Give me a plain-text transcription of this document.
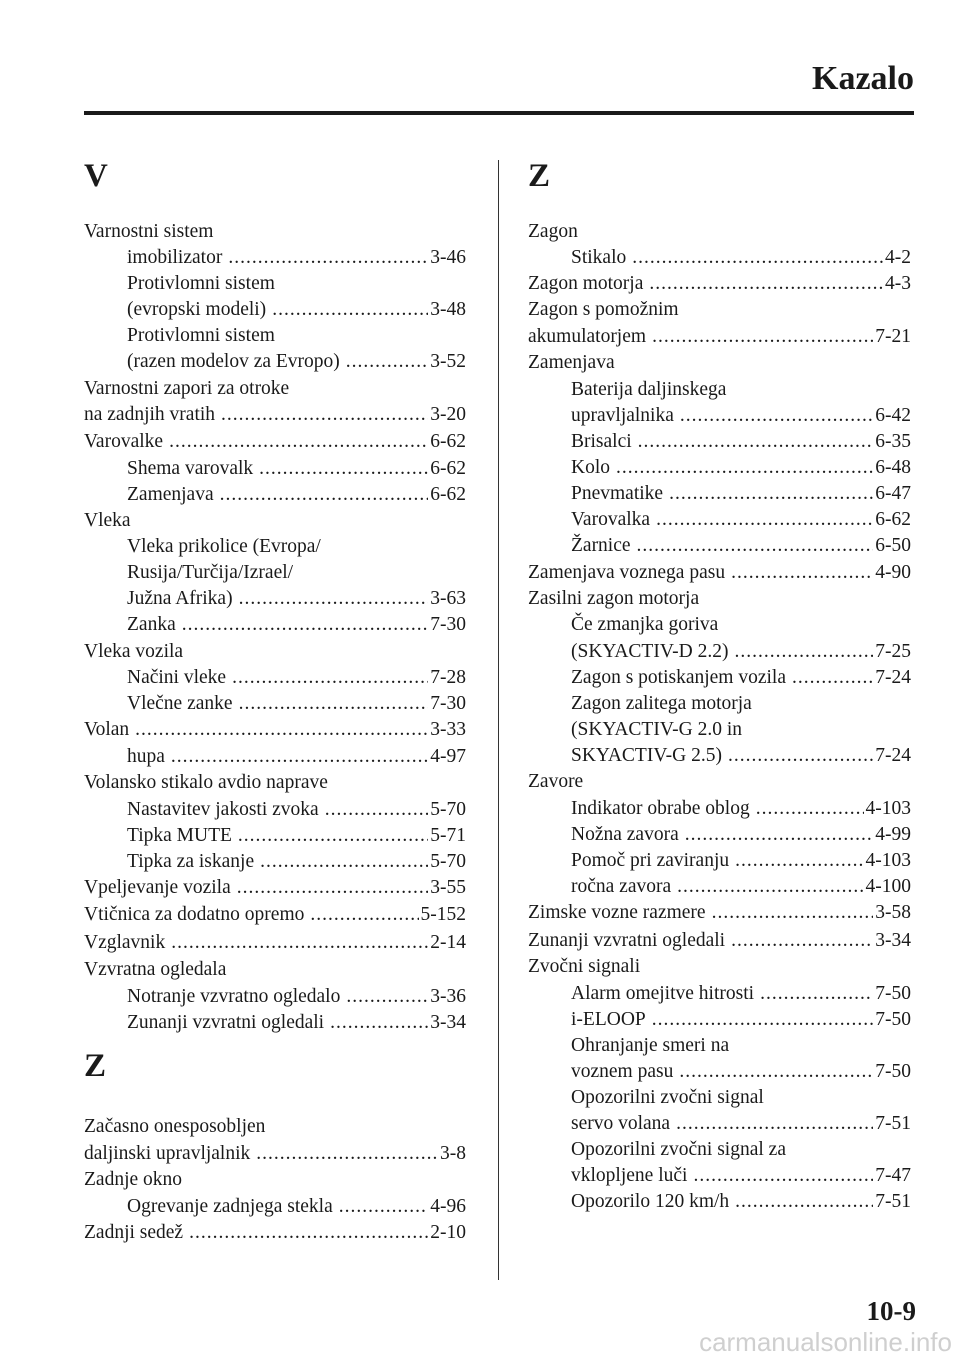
Kazalo
V
Varnostni sistem
imobilizator .....	3-46
Protivlomni sistem
(evropski modeli) .....	3-48
Protivlomni sistem
(razen modelov za Evropo) .....	3-52
Varnostni zapori za otroke
na zadnjih vratih .....	3-20
Varovalke .....	6-62
Shema varovalk .....	6-62
Zamenjava .....	6-62
Vleka
Vleka prikolice (Evropa/
Rusija/Turčija/Izrael/
Južna Afrika) .....	3-63
Zanka .....	7-30
Vleka vozila
Načini vleke .....	7-28
Vlečne zanke .....	7-30
Volan .....	3-33
hupa .....	4-97
Volansko stikalo avdio naprave
Nastavitev jakosti zvoka .....	5-70
Tipka MUTE .....	5-71
Tipka za iskanje .....	5-70
Vpeljevanje vozila .....	3-55
Vtičnica za dodatno opremo .....	5-152
Vzglavnik .....	2-14
Vzvratna ogledala
Notranje vzvratno ogledalo .....	3-36
Zunanji vzvratni ogledali .....	3-34
Z
Začasno onesposobljen
daljinski upravljalnik .....	3-8
Zadnje okno
Ogrevanje zadnjega stekla .....	4-96
Zadnji sedež .....	2-10
Z
Zagon
Stikalo .....	4-2
Zagon motorja .....	4-3
Zagon s pomožnim
akumulatorjem .....	7-21
Zamenjava
Baterija daljinskega
upravljalnika .....	6-42
Brisalci .....	6-35
Kolo .....	6-48
Pnevmatike .....	6-47
Varovalka .....	6-62
Žarnice .....	6-50
Zamenjava voznega pasu .....	4-90
Zasilni zagon motorja
Če zmanjka goriva
(SKYACTIV-D 2.2) .....	7-25
Zagon s potiskanjem vozila .....	7-24
Zagon zalitega motorja
(SKYACTIV-G 2.0 in
SKYACTIV-G 2.5) .....	7-24
Zavore
Indikator obrabe oblog .....	4-103
Nožna zavora .....	4-99
Pomoč pri zaviranju .....	4-103
ročna zavora .....	4-100
Zimske vozne razmere .....	3-58
Zunanji vzvratni ogledali .....	3-34
Zvočni signali
Alarm omejitve hitrosti .....	7-50
i-ELOOP .....	7-50
Ohranjanje smeri na
voznem pasu .....	7-50
Opozorilni zvočni signal
servo volana .....	7-51
Opozorilni zvočni signal za
vklopljene luči .....	7-47
Opozorilo 120 km/h .....	7-51
10-9
carmanualsonline.info
